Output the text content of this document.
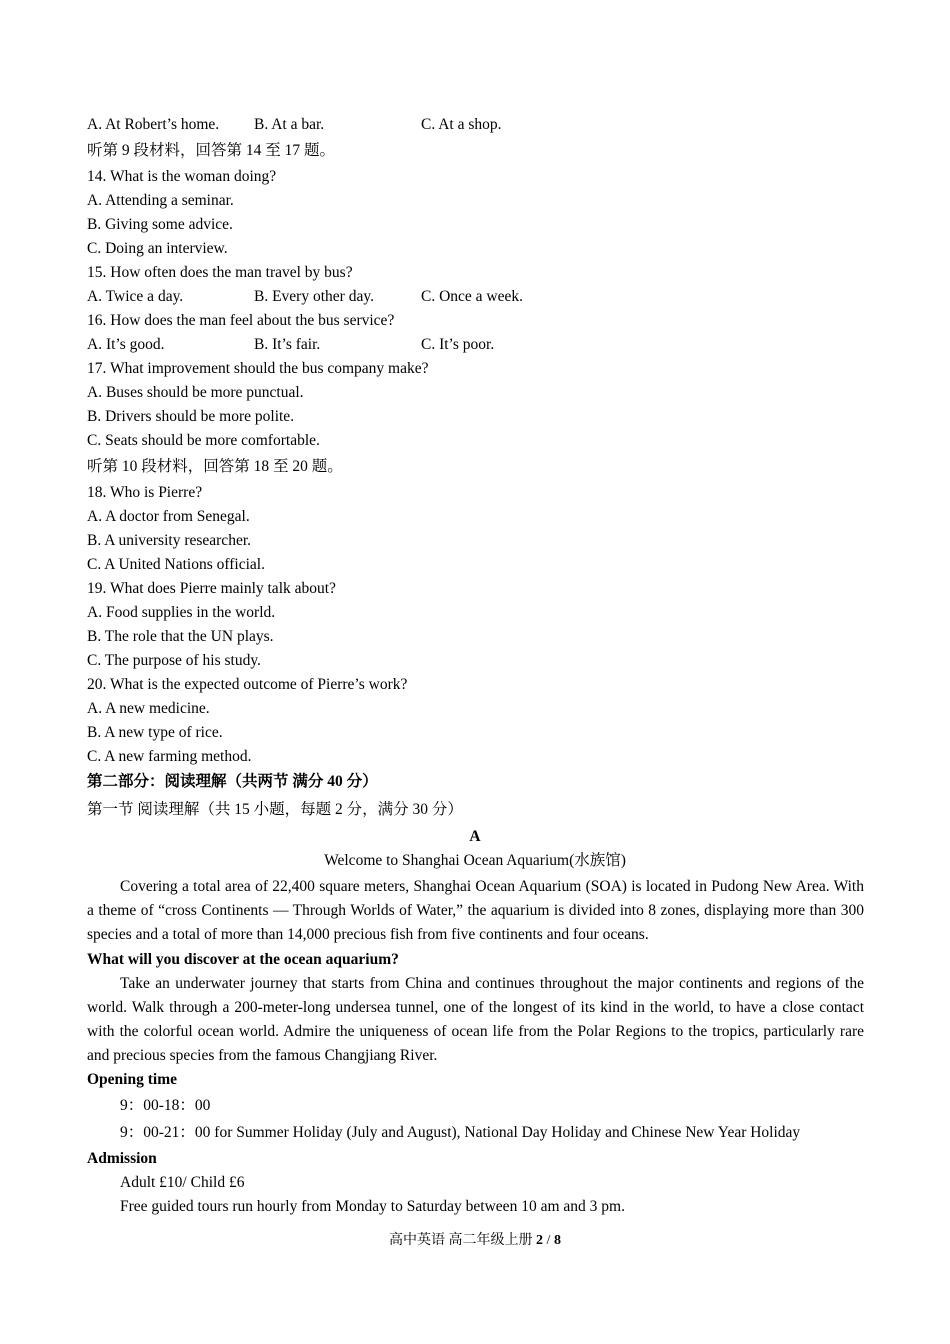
A. At Robert’s home. B. At a bar.	C. At a shop.
听第 9 段材料，回答第 14 至 17 题。
14. What is the woman doing?
A. Attending a seminar.
B. Giving some advice.
C. Doing an interview.
15. How often does the man travel by bus?
A. Twice a day.	B. Every other day.	C. Once a week.
16. How does the man feel about the bus service?
A. It’s good.	B. It’s fair.	C. It’s poor.
17. What improvement should the bus company make?
A. Buses should be more punctual.
B. Drivers should be more polite.
C. Seats should be more comfortable.
听第 10 段材料，回答第 18 至 20 题。
18. Who is Pierre?
A. A doctor from Senegal.
B. A university researcher.
C. A United Nations official.
19. What does Pierre mainly talk about?
A. Food supplies in the world.
B. The role that the UN plays.
C. The purpose of his study.
20. What is the expected outcome of Pierre’s work?
A. A new medicine.
B. A new type of rice.
C. A new farming method.
第二部分：阅读理解（共两节 满分 40 分）
第一节 阅读理解（共 15 小题，每题 2 分，满分 30 分）
A
Welcome to Shanghai Ocean Aquarium(水族馆)
Covering a total area of 22,400 square meters, Shanghai Ocean Aquarium (SOA) is located in Pudong New Area. With a theme of “cross Continents — Through Worlds of Water,” the aquarium is divided into 8 zones, displaying more than 300 species and a total of more than 14,000 precious fish from five continents and four oceans.
What will you discover at the ocean aquarium?
Take an underwater journey that starts from China and continues throughout the major continents and regions of the world. Walk through a 200-meter-long undersea tunnel, one of the longest of its kind in the world, to have a close contact with the colorful ocean world. Admire the uniqueness of ocean life from the Polar Regions to the tropics, particularly rare and precious species from the famous Changjiang River.
Opening time
9：00-18：00
9：00-21：00 for Summer Holiday (July and August), National Day Holiday and Chinese New Year Holiday
Admission
Adult £10/ Child £6
Free guided tours run hourly from Monday to Saturday between 10 am and 3 pm.
高中英语 高二年级上册 2 / 8
